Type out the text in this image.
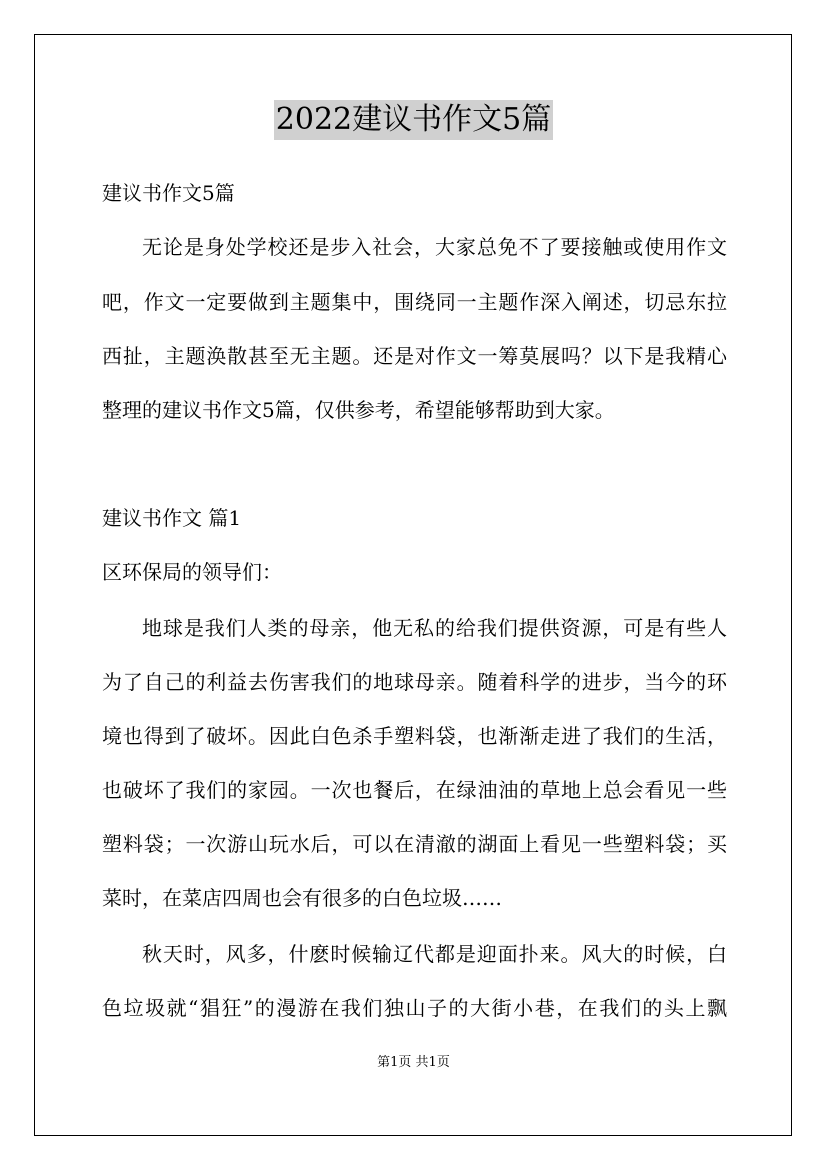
2022建议书作文5篇
建议书作文5篇
无论是身处学校还是步入社会，大家总免不了要接触或使用作文
吧，作文一定要做到主题集中，围绕同一主题作深入阐述，切忌东拉
西扯，主题涣散甚至无主题。还是对作文一筹莫展吗？以下是我精心
整理的建议书作文5篇，仅供参考，希望能够帮助到大家。
建议书作文 篇1
区环保局的领导们：
地球是我们人类的母亲，他无私的给我们提供资源，可是有些人
为了自己的利益去伤害我们的地球母亲。随着科学的进步，当今的环
境也得到了破坏。因此白色杀手塑料袋，也渐渐走进了我们的生活，
也破坏了我们的家园。一次也餐后，在绿油油的草地上总会看见一些
塑料袋；一次游山玩水后，可以在清澈的湖面上看见一些塑料袋；买
菜时，在菜店四周也会有很多的白色垃圾……
秋天时，风多，什麽时候输辽代都是迎面扑来。风大的时候，白
色垃圾就“猖狂”的漫游在我们独山子的大街小巷，在我们的头上飘
第1页 共1页
